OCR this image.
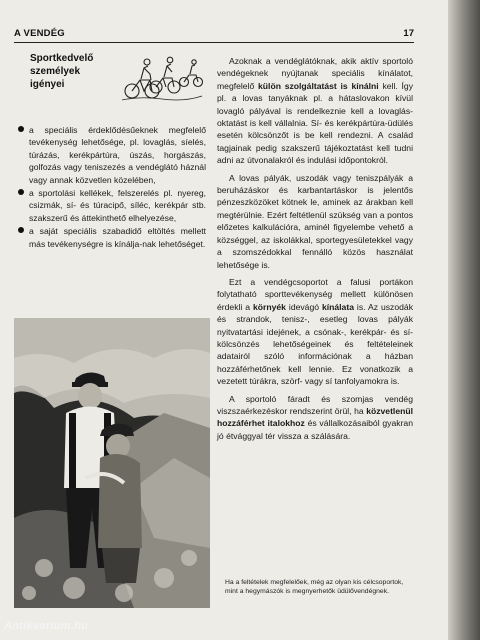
A VENDÉG	17
Sportkedvelő
személyek
igényei

a speciális érdeklődésűeknek megfelelő tevékenység lehetősége, pl. lovaglás, síelés, túrázás, kerékpártúra, úszás, horgászás, golfozás vagy teniszezés a vendéglátó háznál vagy annak közvetlen közelében,

a sportolási kellékek, felszerelés pl. nyereg, csizmák, sí- és túracipő, síléc, kerékpár stb. szakszerű és áttekinthető elhelyezése,

a saját speciális szabadidő eltöltés mellett más tevékenységre is kínálja-nak lehetőséget.

Azoknak a vendéglátóknak, akik aktív sportoló vendégeknek nyújtanak speciális kínálatot, megfelelő külön szolgáltatást is kínálni kell. Így pl. a lovas tanyáknak pl. a hátaslovakon kívül lovagló pályával is rendelkeznie kell a lovaglás-oktatást is kell vállalnia. Sí- és kerékpártúra-üdülés esetén kölcsönzőt is be kell rendezni. A család tagjainak pedig szakszerű tájékoztatást kell tudni adni az útvonalakról és indulási időpontokról.

A lovas pályák, uszodák vagy teniszpályák a beruházáskor és karbantartáskor is jelentős pénzeszközöket kötnek le, aminek az árakban kell megtérülnie. Ezért feltétlenül szükség van a pontos előzetes kalkulációra, aminél figyelembe vehető a községgel, az iskolákkal, sportegyesületekkel vagy a szomszédokkal fennálló közös használat lehetősége is.

Ezt a vendégcsoportot a falusi portákon folytatható sporttevékenység mellett különösen érdekli a környék idevágó kínálata is. Az uszodák és strandok, tenisz-, esetleg lovas pályák nyitvatartási idejének, a csónak-, kerékpár- és sí- kölcsönzés lehetőségeinek és feltételeinek adatairól szóló információnak a házban hozzáférhetőnek kell lennie. Ez vonatkozik a vezetett túrákra, szörf- vagy sí tanfolyamokra is.

A sportoló fáradt és szomjas vendég viszszaérkezéskor rendszerint örül, ha közvetlenül hozzáférhet italokhoz és vállalkozásaiból gyakran jó étvággyal tér vissza a szálására.

Ha a feltételek megfelelőek, még az olyan kis célcsoportok, mint a hegymászók is megnyerhetők üdülővendégnek.
Antikvarium.hu
